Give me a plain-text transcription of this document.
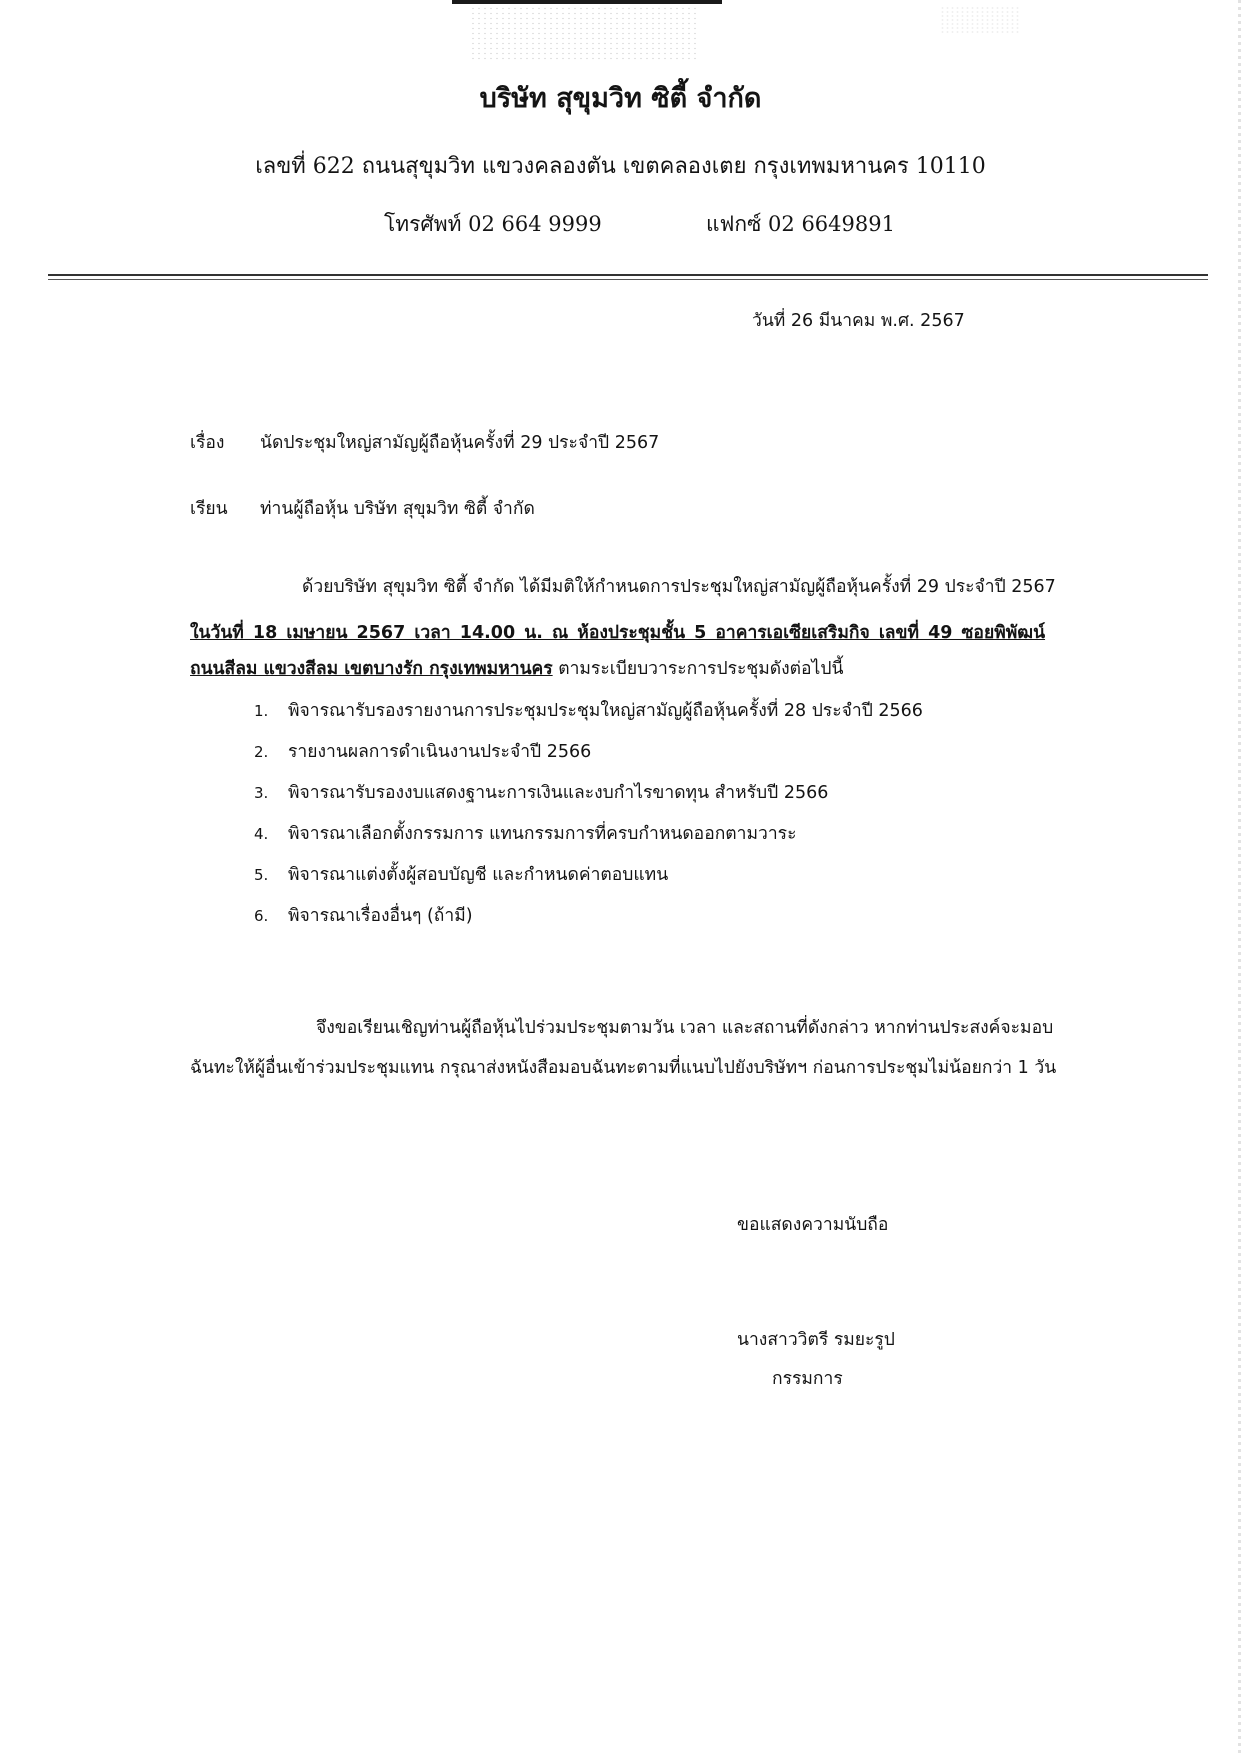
บริษัท สุขุมวิท ซิตี้ จำกัด
เลขที่ 622 ถนนสุขุมวิท แขวงคลองตัน เขตคลองเตย กรุงเทพมหานคร 10110
โทรศัพท์ 02 664 9999	แฟกซ์ 02 6649891
วันที่ 26 มีนาคม พ.ศ. 2567
เรื่อง นัดประชุมใหญ่สามัญผู้ถือหุ้นครั้งที่ 29 ประจำปี 2567
เรียน ท่านผู้ถือหุ้น บริษัท สุขุมวิท ซิตี้ จำกัด
ด้วยบริษัท สุขุมวิท ซิตี้ จำกัด ได้มีมติให้กำหนดการประชุมใหญ่สามัญผู้ถือหุ้นครั้งที่ 29 ประจำปี 2567
ในวันที่ 18 เมษายน 2567 เวลา 14.00 น. ณ ห้องประชุมชั้น 5 อาคารเอเซียเสริมกิจ เลขที่ 49 ซอยพิพัฒน์
ถนนสีลม แขวงสีลม เขตบางรัก กรุงเทพมหานคร ตามระเบียบวาระการประชุมดังต่อไปนี้
1. พิจารณารับรองรายงานการประชุมประชุมใหญ่สามัญผู้ถือหุ้นครั้งที่ 28 ประจำปี 2566
2. รายงานผลการดำเนินงานประจำปี 2566
3. พิจารณารับรองงบแสดงฐานะการเงินและงบกำไรขาดทุน สำหรับปี 2566
4. พิจารณาเลือกตั้งกรรมการ แทนกรรมการที่ครบกำหนดออกตามวาระ
5. พิจารณาแต่งตั้งผู้สอบบัญชี และกำหนดค่าตอบแทน
6. พิจารณาเรื่องอื่นๆ (ถ้ามี)
จึงขอเรียนเชิญท่านผู้ถือหุ้นไปร่วมประชุมตามวัน เวลา และสถานที่ดังกล่าว หากท่านประสงค์จะมอบ
ฉันทะให้ผู้อื่นเข้าร่วมประชุมแทน กรุณาส่งหนังสือมอบฉันทะตามที่แนบไปยังบริษัทฯ ก่อนการประชุมไม่น้อยกว่า 1 วัน
ขอแสดงความนับถือ
นางสาววิตรี รมยะรูป
กรรมการ
